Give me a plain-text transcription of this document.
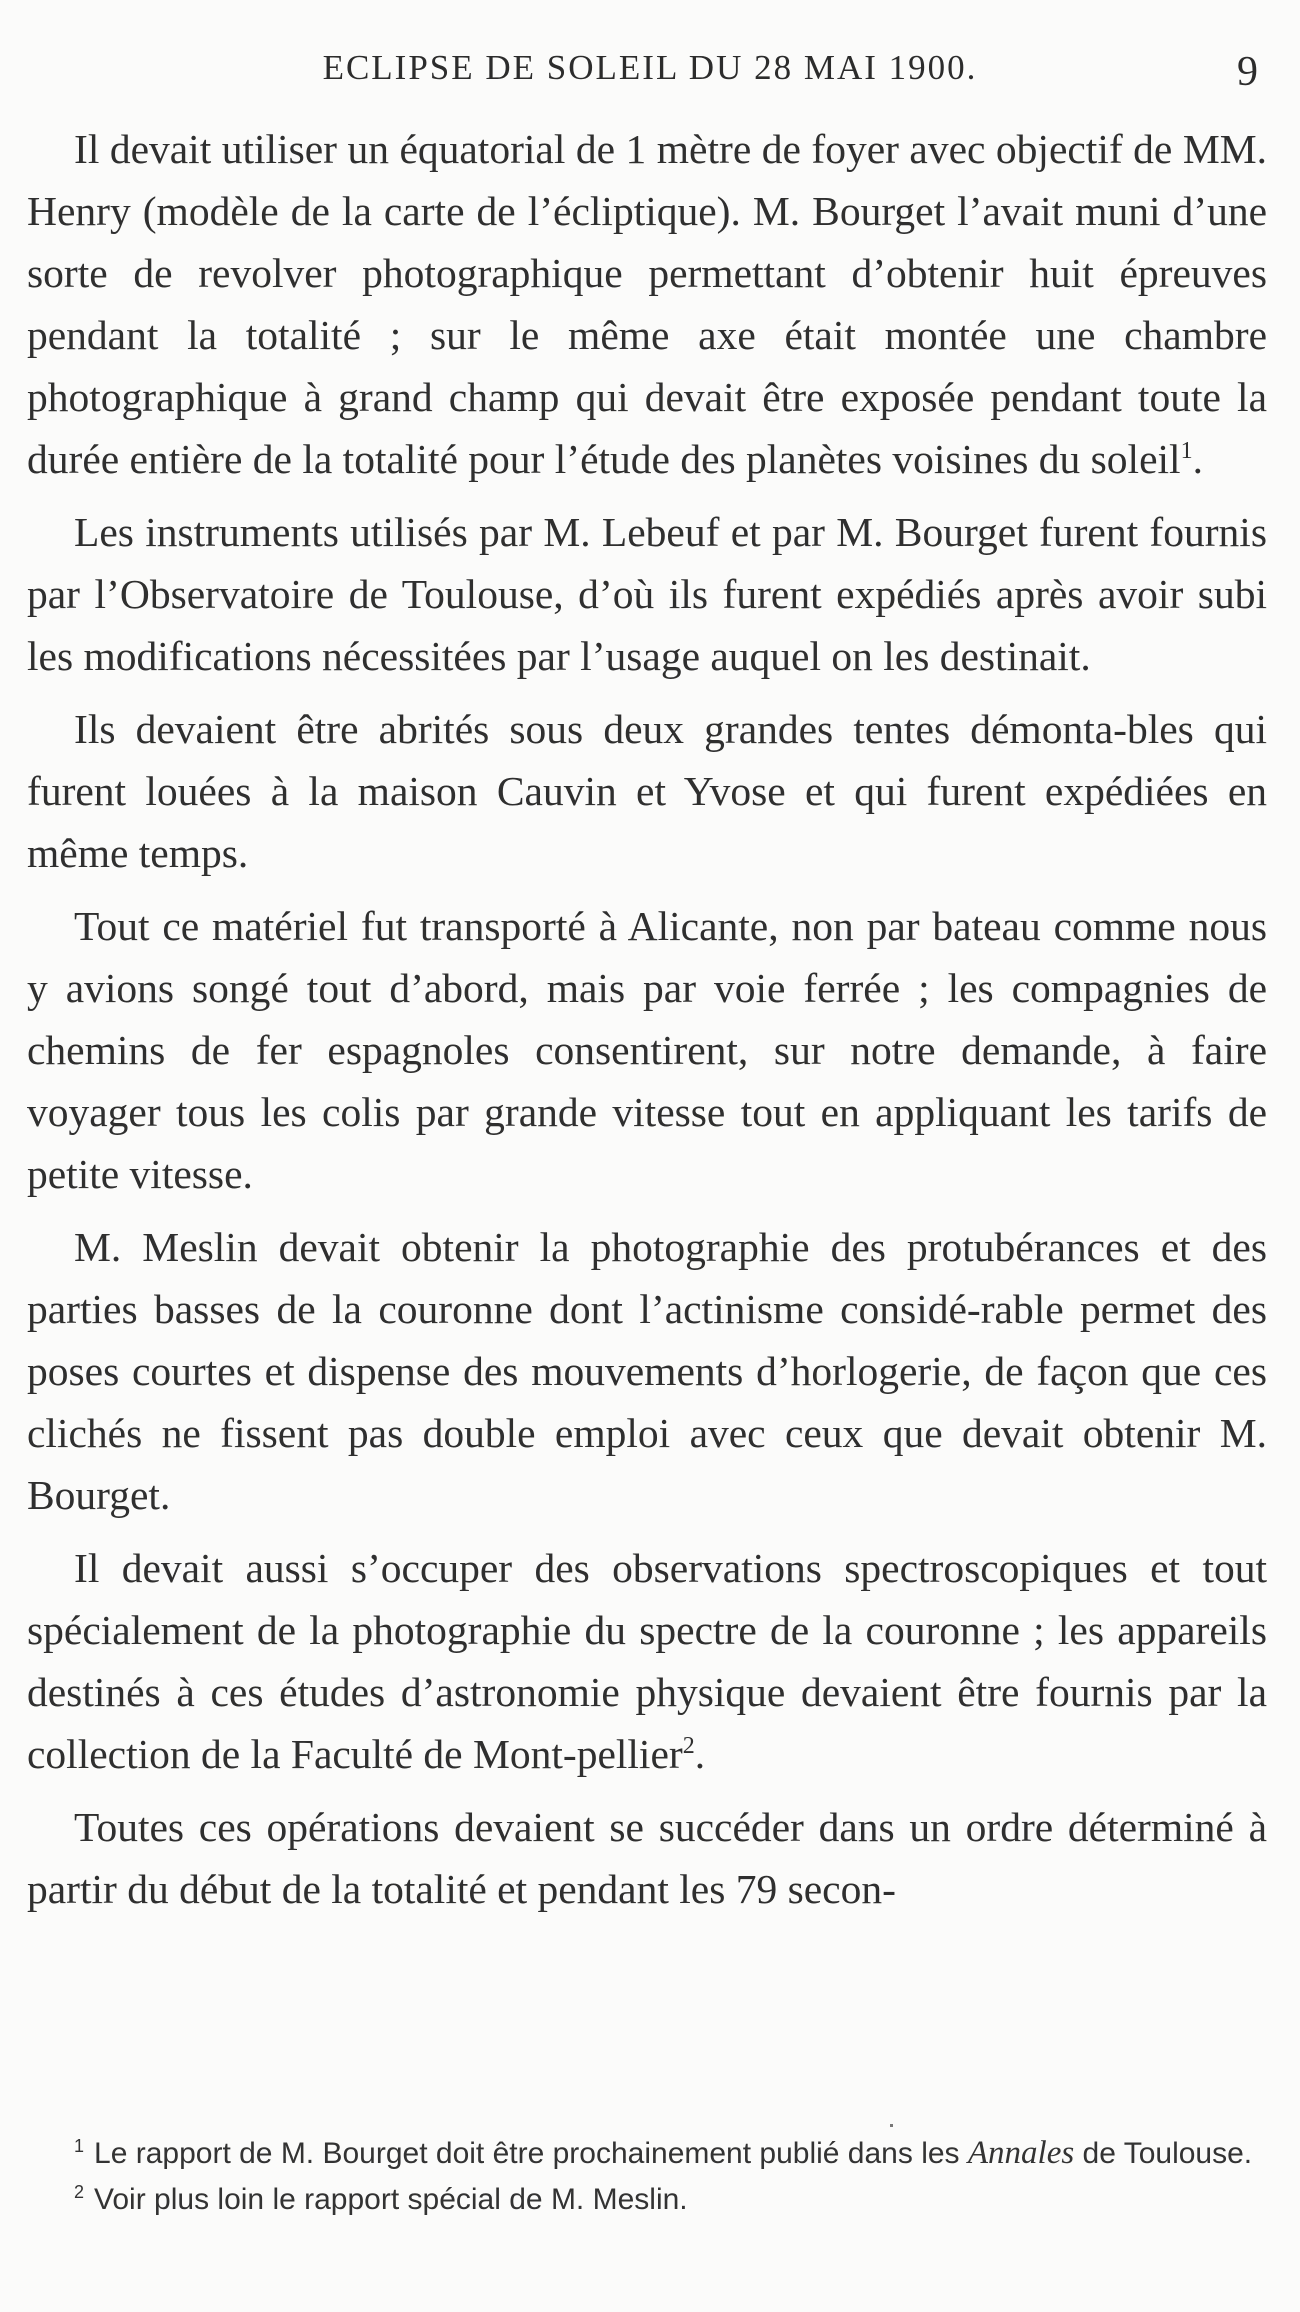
ECLIPSE DE SOLEIL DU 28 MAI 1900.	9

Il devait utiliser un équatorial de 1 mètre de foyer avec objectif de MM. Henry (modèle de la carte de l’écliptique). M. Bourget l’avait muni d’une sorte de revolver photographique permettant d’obtenir huit épreuves pendant la totalité ; sur le même axe était montée une chambre photographique à grand champ qui devait être exposée pendant toute la durée entière de la totalité pour l’étude des planètes voisines du soleil$^1$.

Les instruments utilisés par M. Lebeuf et par M. Bourget furent fournis par l’Observatoire de Toulouse, d’où ils furent expédiés après avoir subi les modifications nécessitées par l’usage auquel on les destinait.

Ils devaient être abrités sous deux grandes tentes démonta-bles qui furent louées à la maison Cauvin et Yvose et qui furent expédiées en même temps.

Tout ce matériel fut transporté à Alicante, non par bateau comme nous y avions songé tout d’abord, mais par voie ferrée ; les compagnies de chemins de fer espagnoles consentirent, sur notre demande, à faire voyager tous les colis par grande vitesse tout en appliquant les tarifs de petite vitesse.

M. Meslin devait obtenir la photographie des protubérances et des parties basses de la couronne dont l’actinisme considé-rable permet des poses courtes et dispense des mouvements d’horlogerie, de façon que ces clichés ne fissent pas double emploi avec ceux que devait obtenir M. Bourget.

Il devait aussi s’occuper des observations spectroscopiques et tout spécialement de la photographie du spectre de la couronne ; les appareils destinés à ces études d’astronomie physique devaient être fournis par la collection de la Faculté de Mont-pellier$^2$.

Toutes ces opérations devaient se succéder dans un ordre déterminé à partir du début de la totalité et pendant les 79 secon-

$^1$ Le rapport de M. Bourget doit être prochainement publié dans les Annales de Toulouse.

$^2$ Voir plus loin le rapport spécial de M. Meslin.
